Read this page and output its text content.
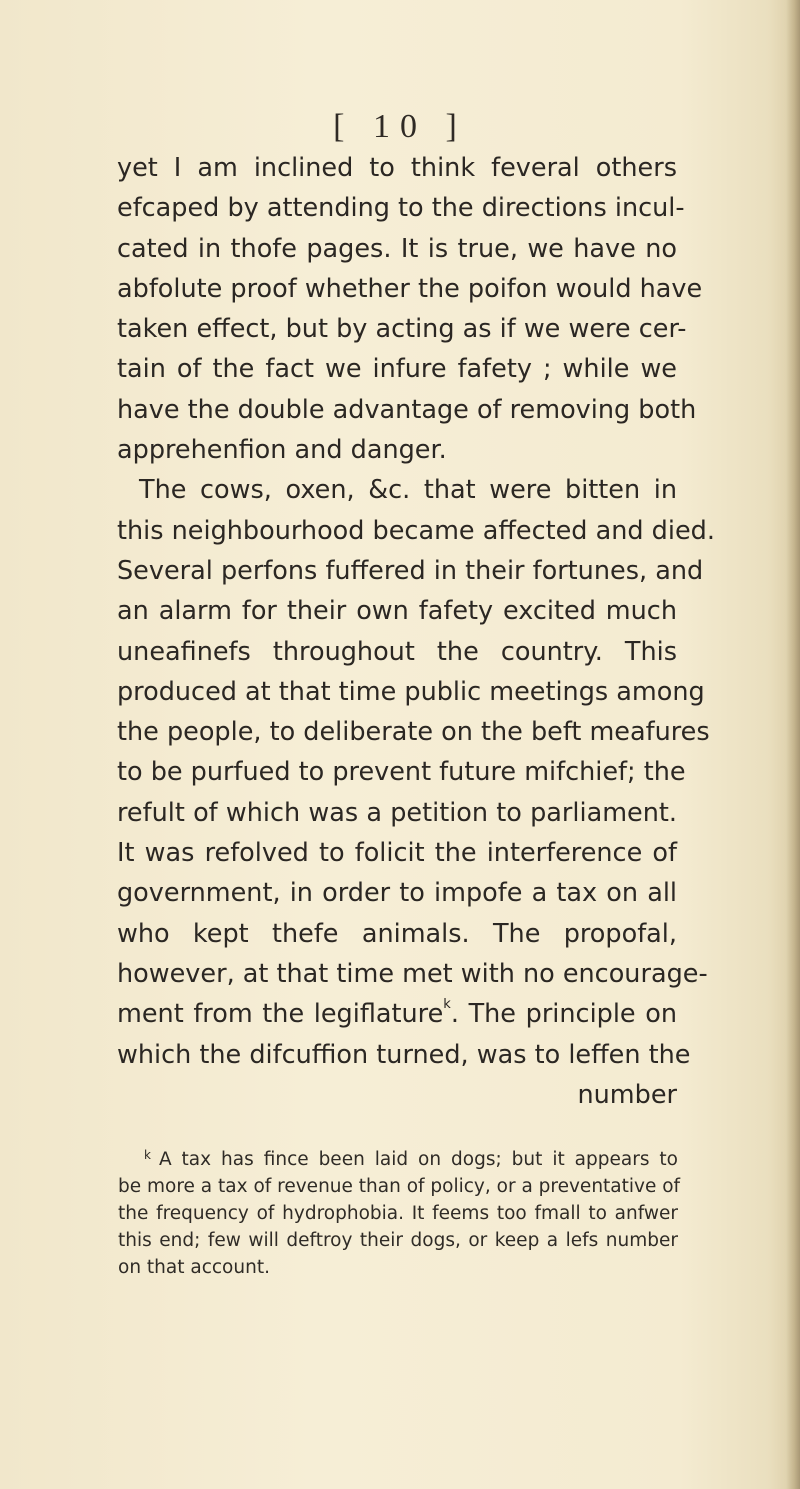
[ 10 ]
yet I am inclined to think feveral others
efcaped by attending to the directions incul-
cated in thofe pages. It is true, we have no
abfolute proof whether the poifon would have
taken effect, but by acting as if we were cer-
tain of the fact we infure fafety ; while we
have the double advantage of removing both
apprehenfion and danger.
The cows, oxen, &c. that were bitten in
this neighbourhood became affected and died.
Several perfons fuffered in their fortunes, and
an alarm for their own fafety excited much
uneafinefs throughout the country. This
produced at that time public meetings among
the people, to deliberate on the beft meafures
to be purfued to prevent future mifchief; the
refult of which was a petition to parliament.
It was refolved to folicit the interference of
government, in order to impofe a tax on all
who kept thefe animals. The propofal,
however, at that time met with no encourage-
ment from the legiflature$^k$. The principle on
which the difcuffion turned, was to leffen the
number
$^k$ A tax has fince been laid on dogs; but it appears to
be more a tax of revenue than of policy, or a preventative of
the frequency of hydrophobia. It feems too fmall to anfwer
this end; few will deftroy their dogs, or keep a lefs number
on that account.
